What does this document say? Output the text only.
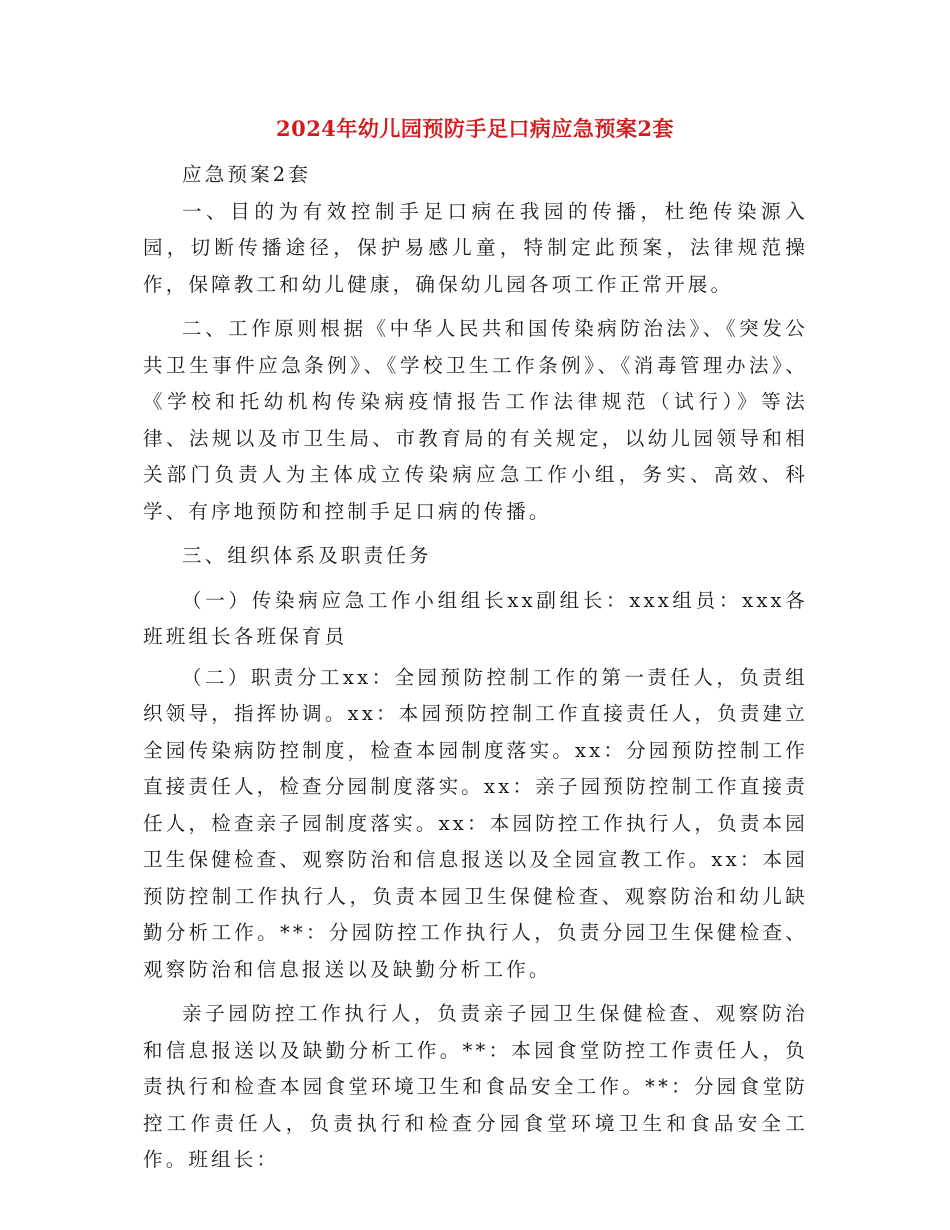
2024年幼儿园预防手足口病应急预案2套

应急预案2套

一、目的为有效控制手足口病在我园的传播，杜绝传染源入园，切断传播途径，保护易感儿童，特制定此预案，法律规范操作，保障教工和幼儿健康，确保幼儿园各项工作正常开展。

二、工作原则根据《中华人民共和国传染病防治法》、《突发公共卫生事件应急条例》、《学校卫生工作条例》、《消毒管理办法》、《学校和托幼机构传染病疫情报告工作法律规范（试行）》等法律、法规以及市卫生局、市教育局的有关规定，以幼儿园领导和相关部门负责人为主体成立传染病应急工作小组，务实、高效、科学、有序地预防和控制手足口病的传播。

三、组织体系及职责任务

（一）传染病应急工作小组组长xx副组长：xxx组员：xxx各班班组长各班保育员

（二）职责分工xx：全园预防控制工作的第一责任人，负责组织领导，指挥协调。xx：本园预防控制工作直接责任人，负责建立全园传染病防控制度，检查本园制度落实。xx：分园预防控制工作直接责任人，检查分园制度落实。xx：亲子园预防控制工作直接责任人，检查亲子园制度落实。xx：本园防控工作执行人，负责本园卫生保健检查、观察防治和信息报送以及全园宣教工作。xx：本园预防控制工作执行人，负责本园卫生保健检查、观察防治和幼儿缺勤分析工作。**：分园防控工作执行人，负责分园卫生保健检查、观察防治和信息报送以及缺勤分析工作。

亲子园防控工作执行人，负责亲子园卫生保健检查、观察防治和信息报送以及缺勤分析工作。**：本园食堂防控工作责任人，负责执行和检查本园食堂环境卫生和食品安全工作。**：分园食堂防控工作责任人，负责执行和检查分园食堂环境卫生和食品安全工作。班组长：
